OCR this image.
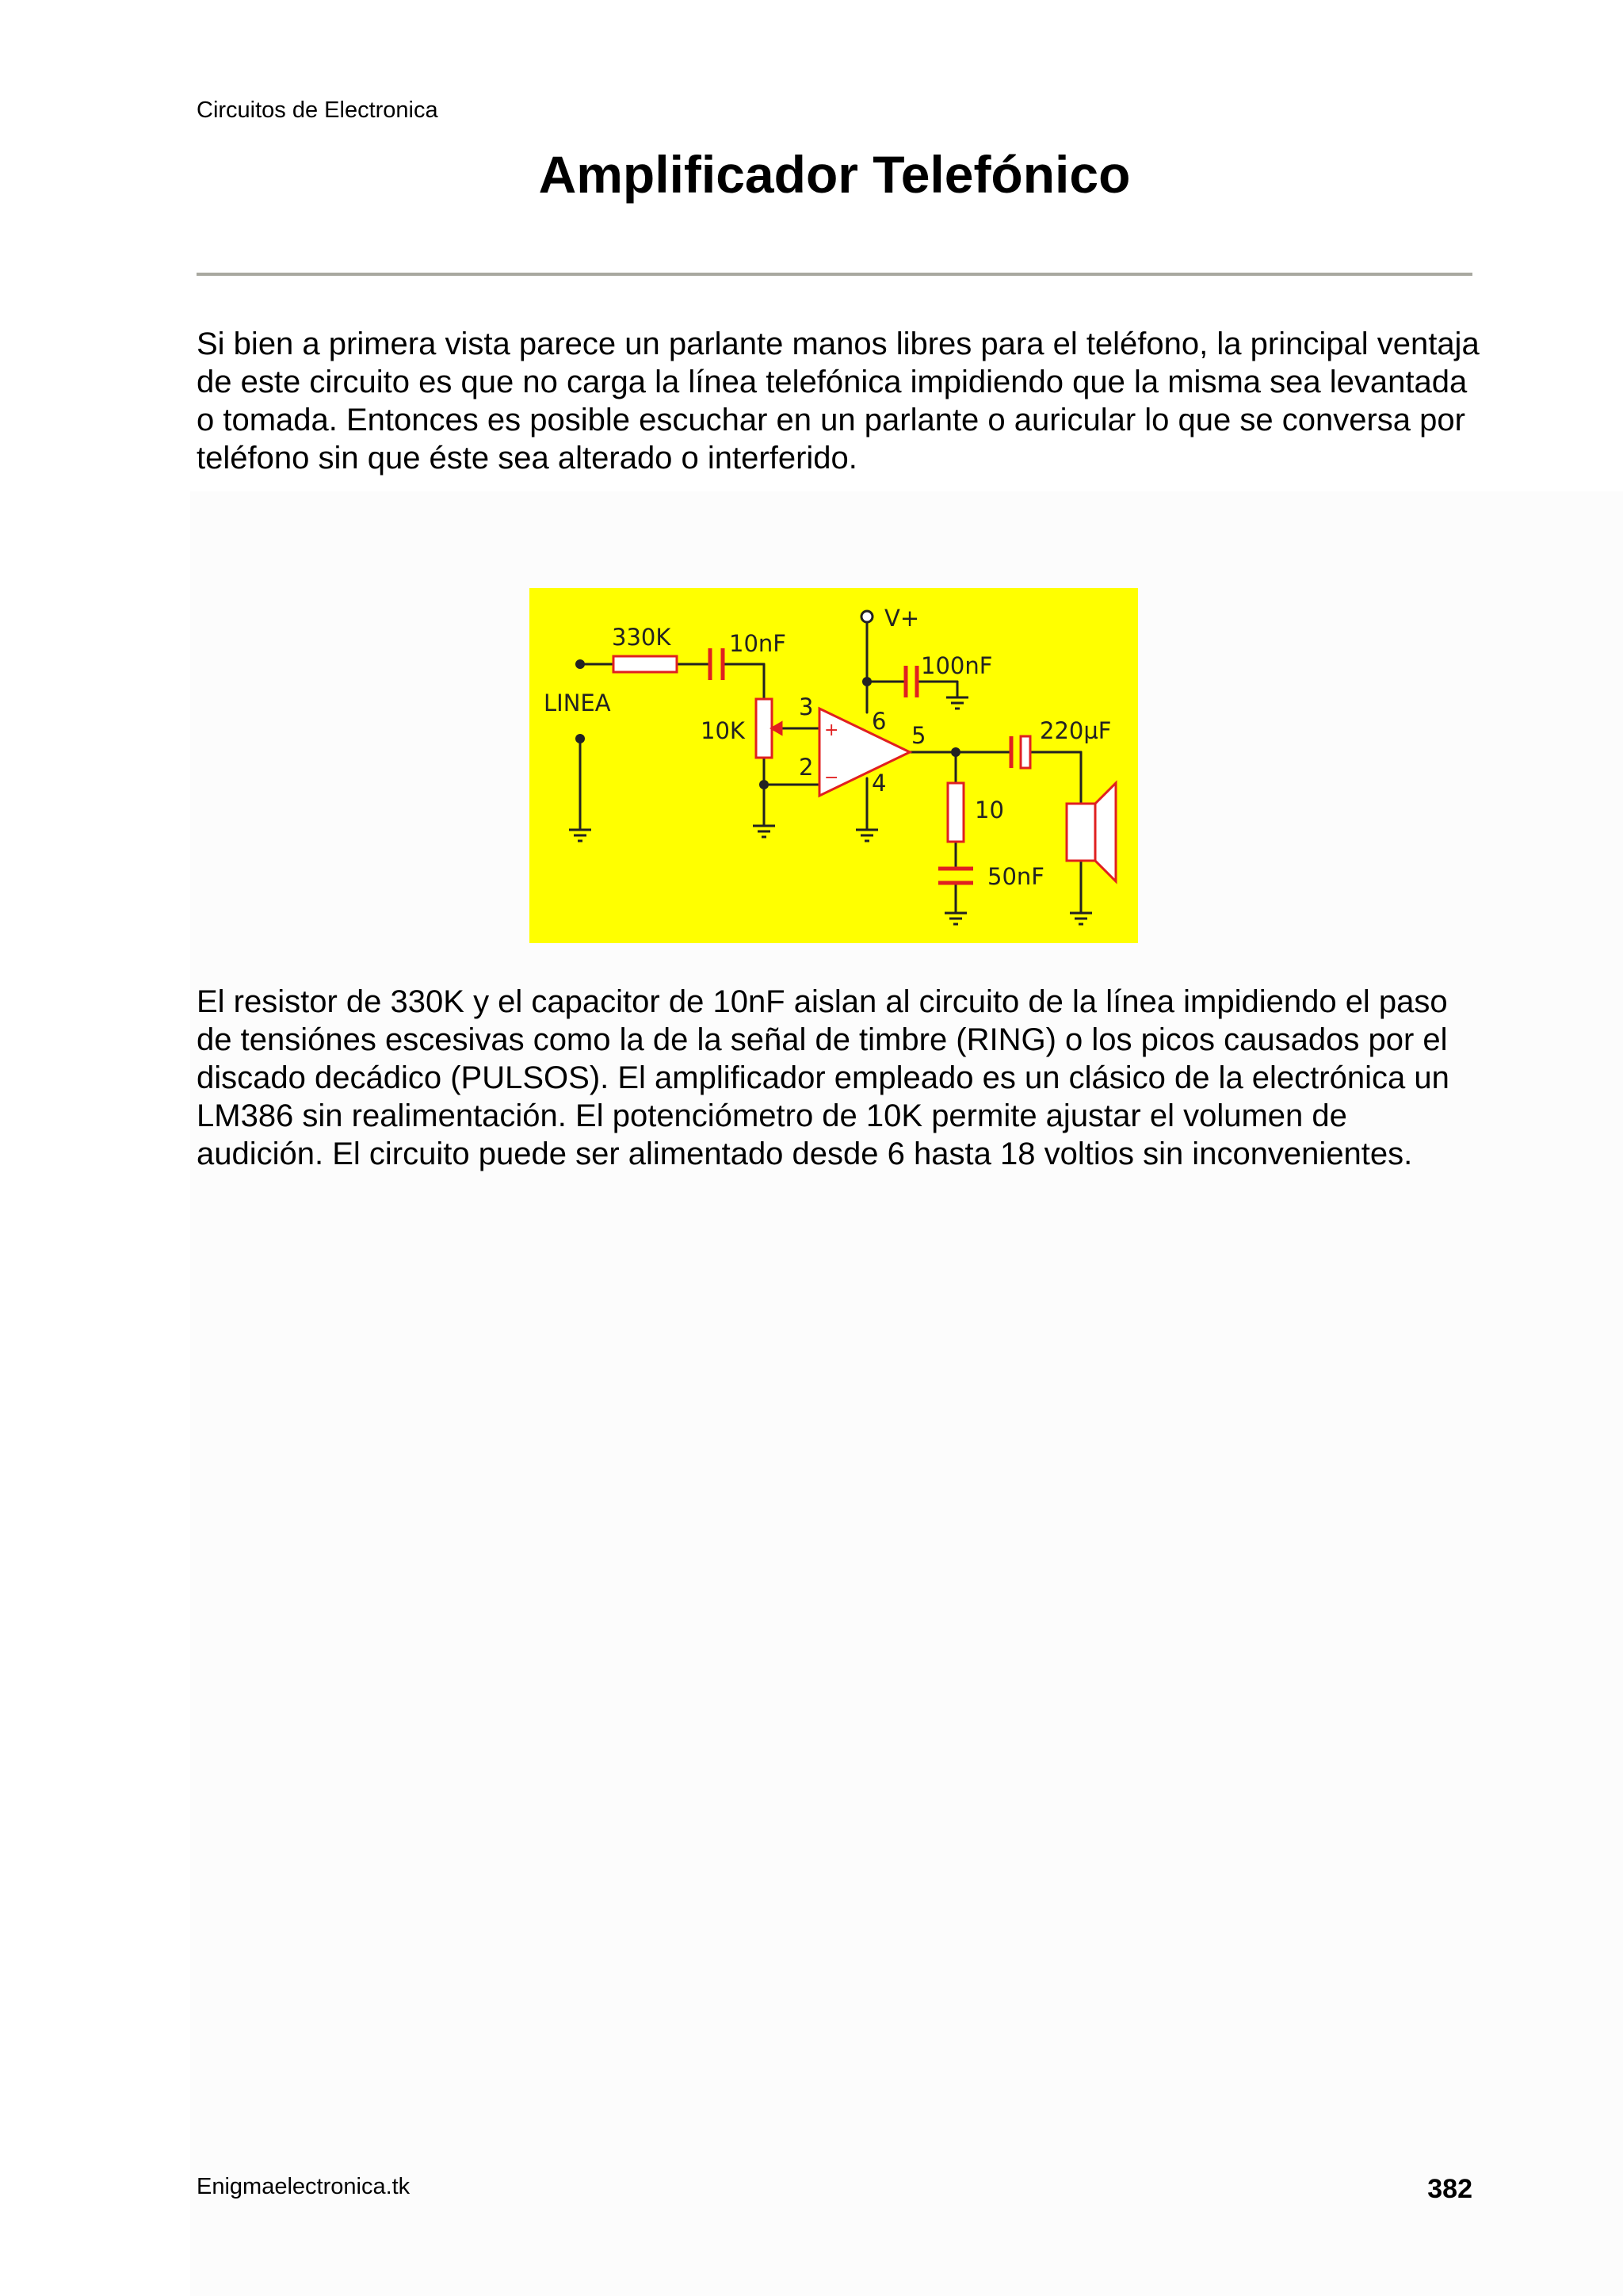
Circuitos de Electronica
Amplificador Telefónico

Si bien a primera vista parece un parlante manos libres para el teléfono, la principal ventaja de este circuito es que no carga la línea telefónica impidiendo que la misma sea levantada o tomada. Entonces es posible escuchar en un parlante o auricular lo que se conversa por teléfono sin que éste sea alterado o interferido.

LINEA
330K	10nF
V+
100nF
10K
3
2
6
4
5	220µF
10
50nF
+
−

El resistor de 330K y el capacitor de 10nF aislan al circuito de la línea impidiendo el paso de tensiónes escesivas como la de la señal de timbre (RING) o los picos causados por el discado decádico (PULSOS). El amplificador empleado es un clásico de la electrónica un LM386 sin realimentación. El potenciómetro de 10K permite ajustar el volumen de audición. El circuito puede ser alimentado desde 6 hasta 18 voltios sin inconvenientes.

Enigmaelectronica.tk	382
